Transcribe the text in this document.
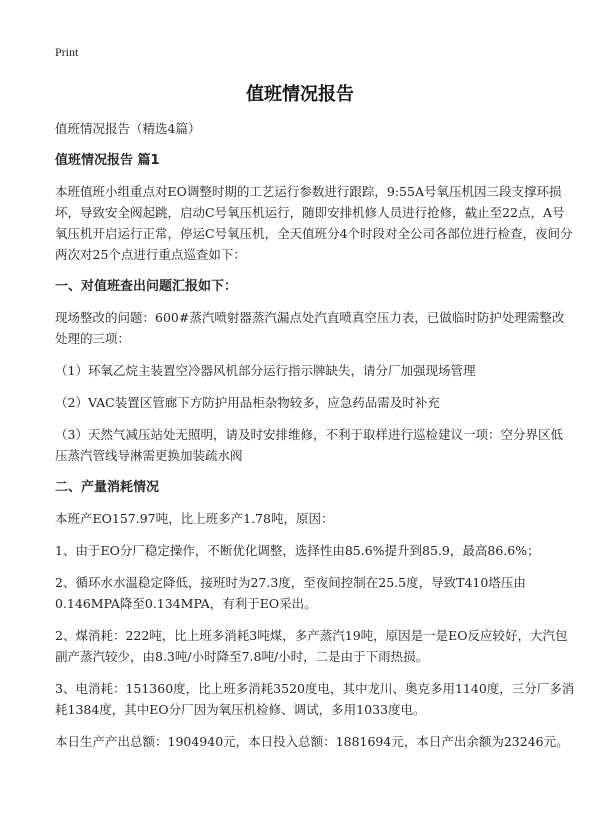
Print
值班情况报告

值班情况报告（精选4篇）

值班情况报告 篇1

本班值班小组重点对EO调整时期的工艺运行参数进行跟踪，9:55A号氧压机因三段支撑环损坏，导致安全阀起跳，启动C号氧压机运行，随即安排机修人员进行抢修，截止至22点，A号氧压机开启运行正常，停运C号氧压机，全天值班分4个时段对全公司各部位进行检查，夜间分两次对25个点进行重点巡查如下：

一、对值班查出问题汇报如下：

现场整改的问题：600#蒸汽喷射器蒸汽漏点处汽直喷真空压力表，已做临时防护处理需整改处理的三项：

（1）环氧乙烷主装置空冷器风机部分运行指示牌缺失，请分厂加强现场管理

（2）VAC装置区管廊下方防护用品柜杂物较多，应急药品需及时补充

（3）天然气减压站处无照明，请及时安排维修，不利于取样进行巡检建议一项：空分界区低压蒸汽管线导淋需更换加装疏水阀

二、产量消耗情况

本班产EO157.97吨，比上班多产1.78吨，原因：

1、由于EO分厂稳定操作，不断优化调整，选择性由85.6%提升到85.9，最高86.6%；

2、循环水水温稳定降低，接班时为27.3度，至夜间控制在25.5度，导致T410塔压由0.146MPA降至0.134MPA，有利于EO采出。

2、煤消耗：222吨，比上班多消耗3吨煤，多产蒸汽19吨，原因是一是EO反应较好，大汽包副产蒸汽较少，由8.3吨/小时降至7.8吨/小时，二是由于下雨热损。

3、电消耗：151360度，比上班多消耗3520度电，其中龙川、奥克多用1140度，三分厂多消耗1384度，其中EO分厂因为氧压机检修、调试，多用1033度电。

本日生产产出总额：1904940元，本日投入总额：1881694元，本日产出余额为23246元。
